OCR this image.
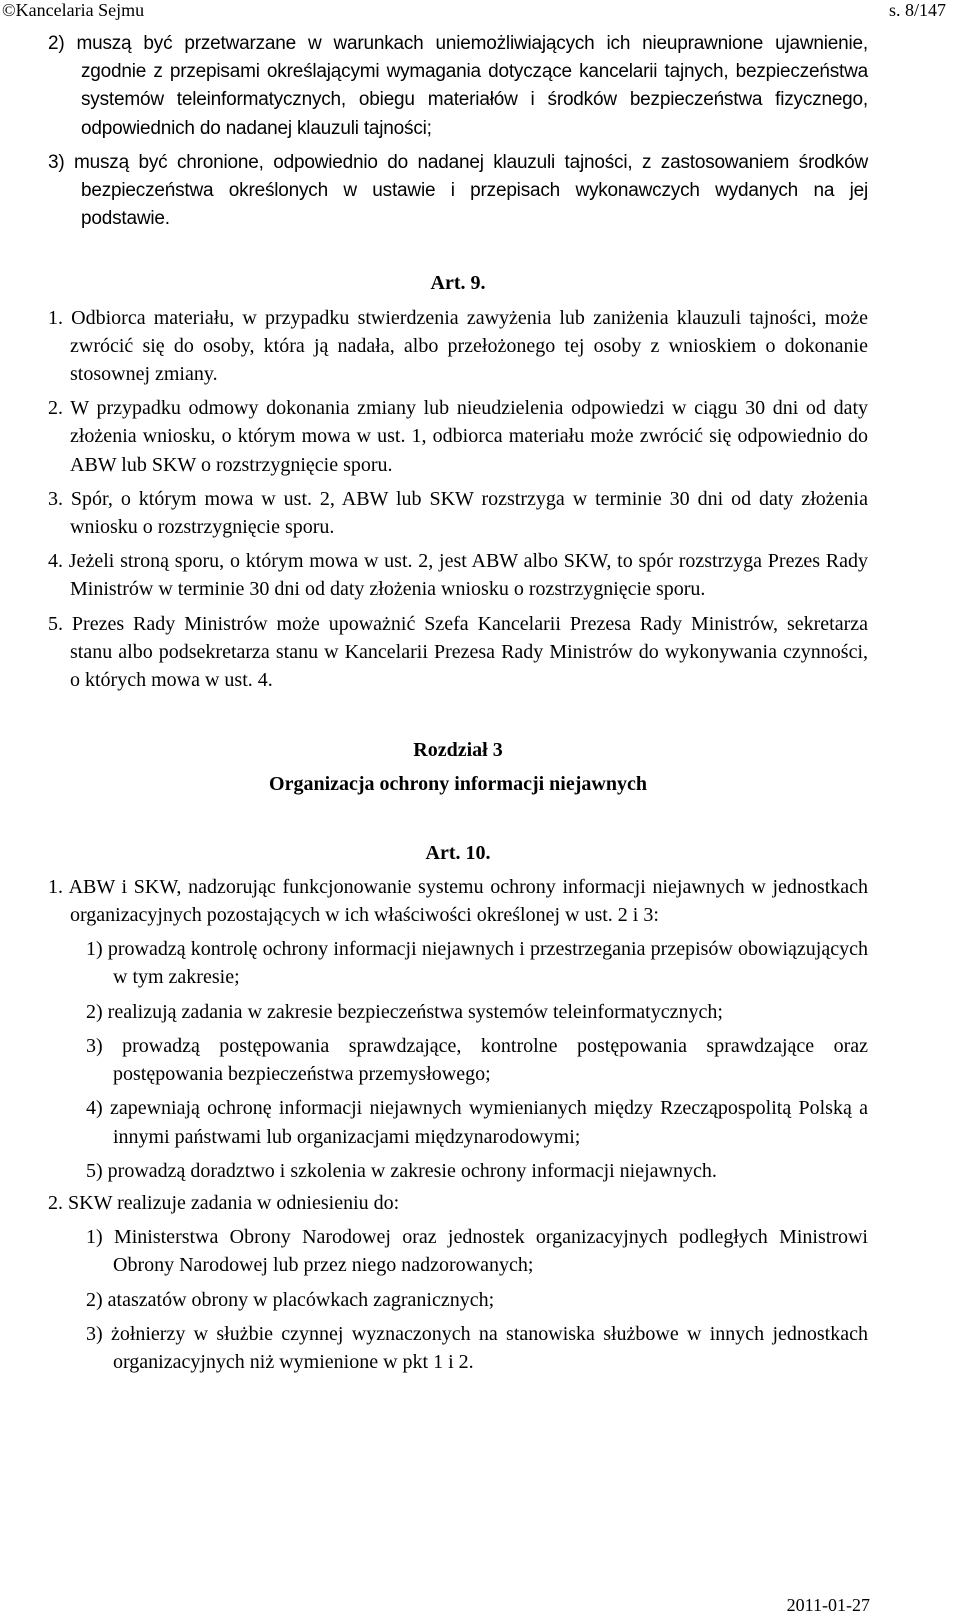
©Kancelaria Sejmu	s. 8/147

2) muszą być przetwarzane w warunkach uniemożliwiających ich nieuprawnione ujawnienie, zgodnie z przepisami określającymi wymagania dotyczące kancelarii tajnych, bezpieczeństwa systemów teleinformatycznych, obiegu materiałów i środków bezpieczeństwa fizycznego, odpowiednich do nadanej klauzuli tajności;

3) muszą być chronione, odpowiednio do nadanej klauzuli tajności, z zastosowaniem środków bezpieczeństwa określonych w ustawie i przepisach wykonawczych wydanych na jej podstawie.

Art. 9.

1. Odbiorca materiału, w przypadku stwierdzenia zawyżenia lub zaniżenia klauzuli tajności, może zwrócić się do osoby, która ją nadała, albo przełożonego tej osoby z wnioskiem o dokonanie stosownej zmiany.

2. W przypadku odmowy dokonania zmiany lub nieudzielenia odpowiedzi w ciągu 30 dni od daty złożenia wniosku, o którym mowa w ust. 1, odbiorca materiału może zwrócić się odpowiednio do ABW lub SKW o rozstrzygnięcie sporu.

3. Spór, o którym mowa w ust. 2, ABW lub SKW rozstrzyga w terminie 30 dni od daty złożenia wniosku o rozstrzygnięcie sporu.

4. Jeżeli stroną sporu, o którym mowa w ust. 2, jest ABW albo SKW, to spór rozstrzyga Prezes Rady Ministrów w terminie 30 dni od daty złożenia wniosku o rozstrzygnięcie sporu.

5. Prezes Rady Ministrów może upoważnić Szefa Kancelarii Prezesa Rady Ministrów, sekretarza stanu albo podsekretarza stanu w Kancelarii Prezesa Rady Ministrów do wykonywania czynności, o których mowa w ust. 4.

Rozdział 3

Organizacja ochrony informacji niejawnych

Art. 10.

1. ABW i SKW, nadzorując funkcjonowanie systemu ochrony informacji niejawnych w jednostkach organizacyjnych pozostających w ich właściwości określonej w ust. 2 i 3:

1) prowadzą kontrolę ochrony informacji niejawnych i przestrzegania przepisów obowiązujących w tym zakresie;

2) realizują zadania w zakresie bezpieczeństwa systemów teleinformatycznych;

3) prowadzą postępowania sprawdzające, kontrolne postępowania sprawdzające oraz postępowania bezpieczeństwa przemysłowego;

4) zapewniają ochronę informacji niejawnych wymienianych między Rzecząpospolitą Polską a innymi państwami lub organizacjami międzynarodowymi;

5) prowadzą doradztwo i szkolenia w zakresie ochrony informacji niejawnych.

2. SKW realizuje zadania w odniesieniu do:

1) Ministerstwa Obrony Narodowej oraz jednostek organizacyjnych podległych Ministrowi Obrony Narodowej lub przez niego nadzorowanych;

2) ataszatów obrony w placówkach zagranicznych;

3) żołnierzy w służbie czynnej wyznaczonych na stanowiska służbowe w innych jednostkach organizacyjnych niż wymienione w pkt 1 i 2.

2011-01-27
